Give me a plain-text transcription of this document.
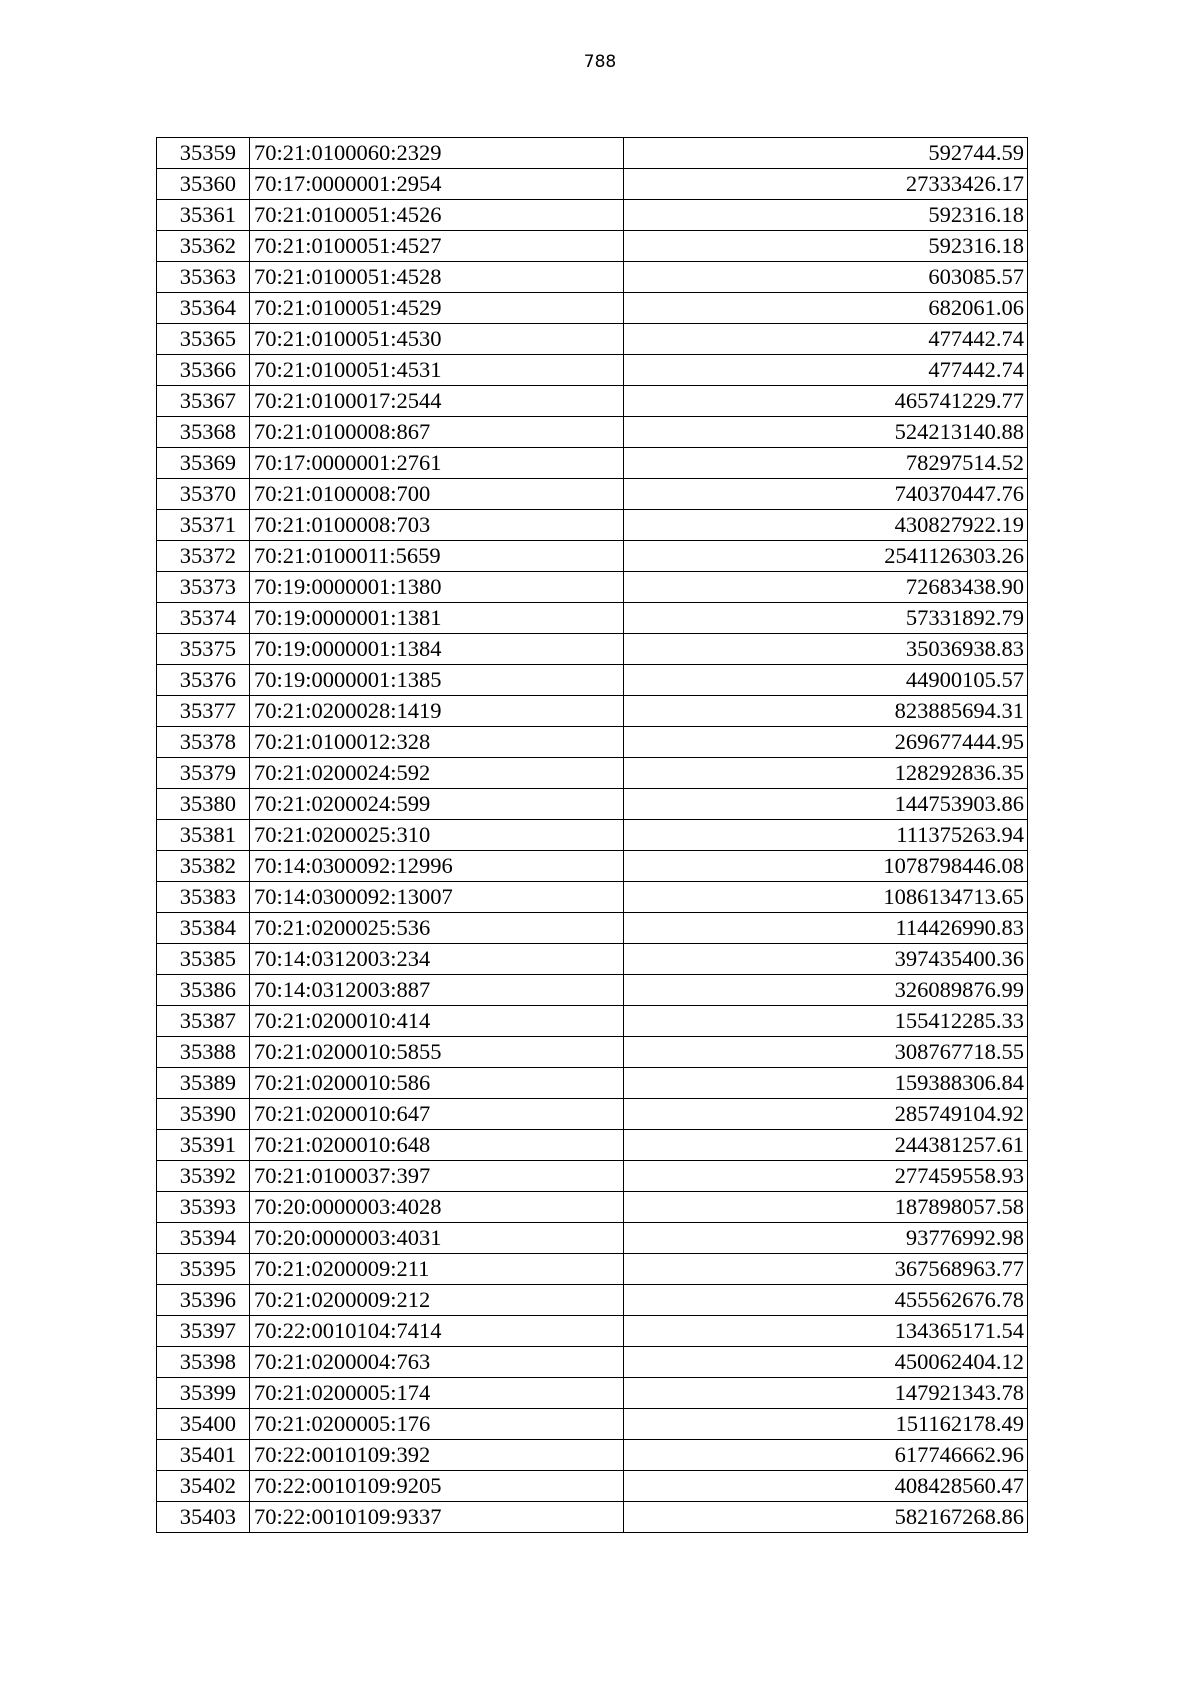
788
35359	70:21:0100060:2329	592744.59
35360	70:17:0000001:2954	27333426.17
35361	70:21:0100051:4526	592316.18
35362	70:21:0100051:4527	592316.18
35363	70:21:0100051:4528	603085.57
35364	70:21:0100051:4529	682061.06
35365	70:21:0100051:4530	477442.74
35366	70:21:0100051:4531	477442.74
35367	70:21:0100017:2544	465741229.77
35368	70:21:0100008:867	524213140.88
35369	70:17:0000001:2761	78297514.52
35370	70:21:0100008:700	740370447.76
35371	70:21:0100008:703	430827922.19
35372	70:21:0100011:5659	2541126303.26
35373	70:19:0000001:1380	72683438.90
35374	70:19:0000001:1381	57331892.79
35375	70:19:0000001:1384	35036938.83
35376	70:19:0000001:1385	44900105.57
35377	70:21:0200028:1419	823885694.31
35378	70:21:0100012:328	269677444.95
35379	70:21:0200024:592	128292836.35
35380	70:21:0200024:599	144753903.86
35381	70:21:0200025:310	111375263.94
35382	70:14:0300092:12996	1078798446.08
35383	70:14:0300092:13007	1086134713.65
35384	70:21:0200025:536	114426990.83
35385	70:14:0312003:234	397435400.36
35386	70:14:0312003:887	326089876.99
35387	70:21:0200010:414	155412285.33
35388	70:21:0200010:5855	308767718.55
35389	70:21:0200010:586	159388306.84
35390	70:21:0200010:647	285749104.92
35391	70:21:0200010:648	244381257.61
35392	70:21:0100037:397	277459558.93
35393	70:20:0000003:4028	187898057.58
35394	70:20:0000003:4031	93776992.98
35395	70:21:0200009:211	367568963.77
35396	70:21:0200009:212	455562676.78
35397	70:22:0010104:7414	134365171.54
35398	70:21:0200004:763	450062404.12
35399	70:21:0200005:174	147921343.78
35400	70:21:0200005:176	151162178.49
35401	70:22:0010109:392	617746662.96
35402	70:22:0010109:9205	408428560.47
35403	70:22:0010109:9337	582167268.86
